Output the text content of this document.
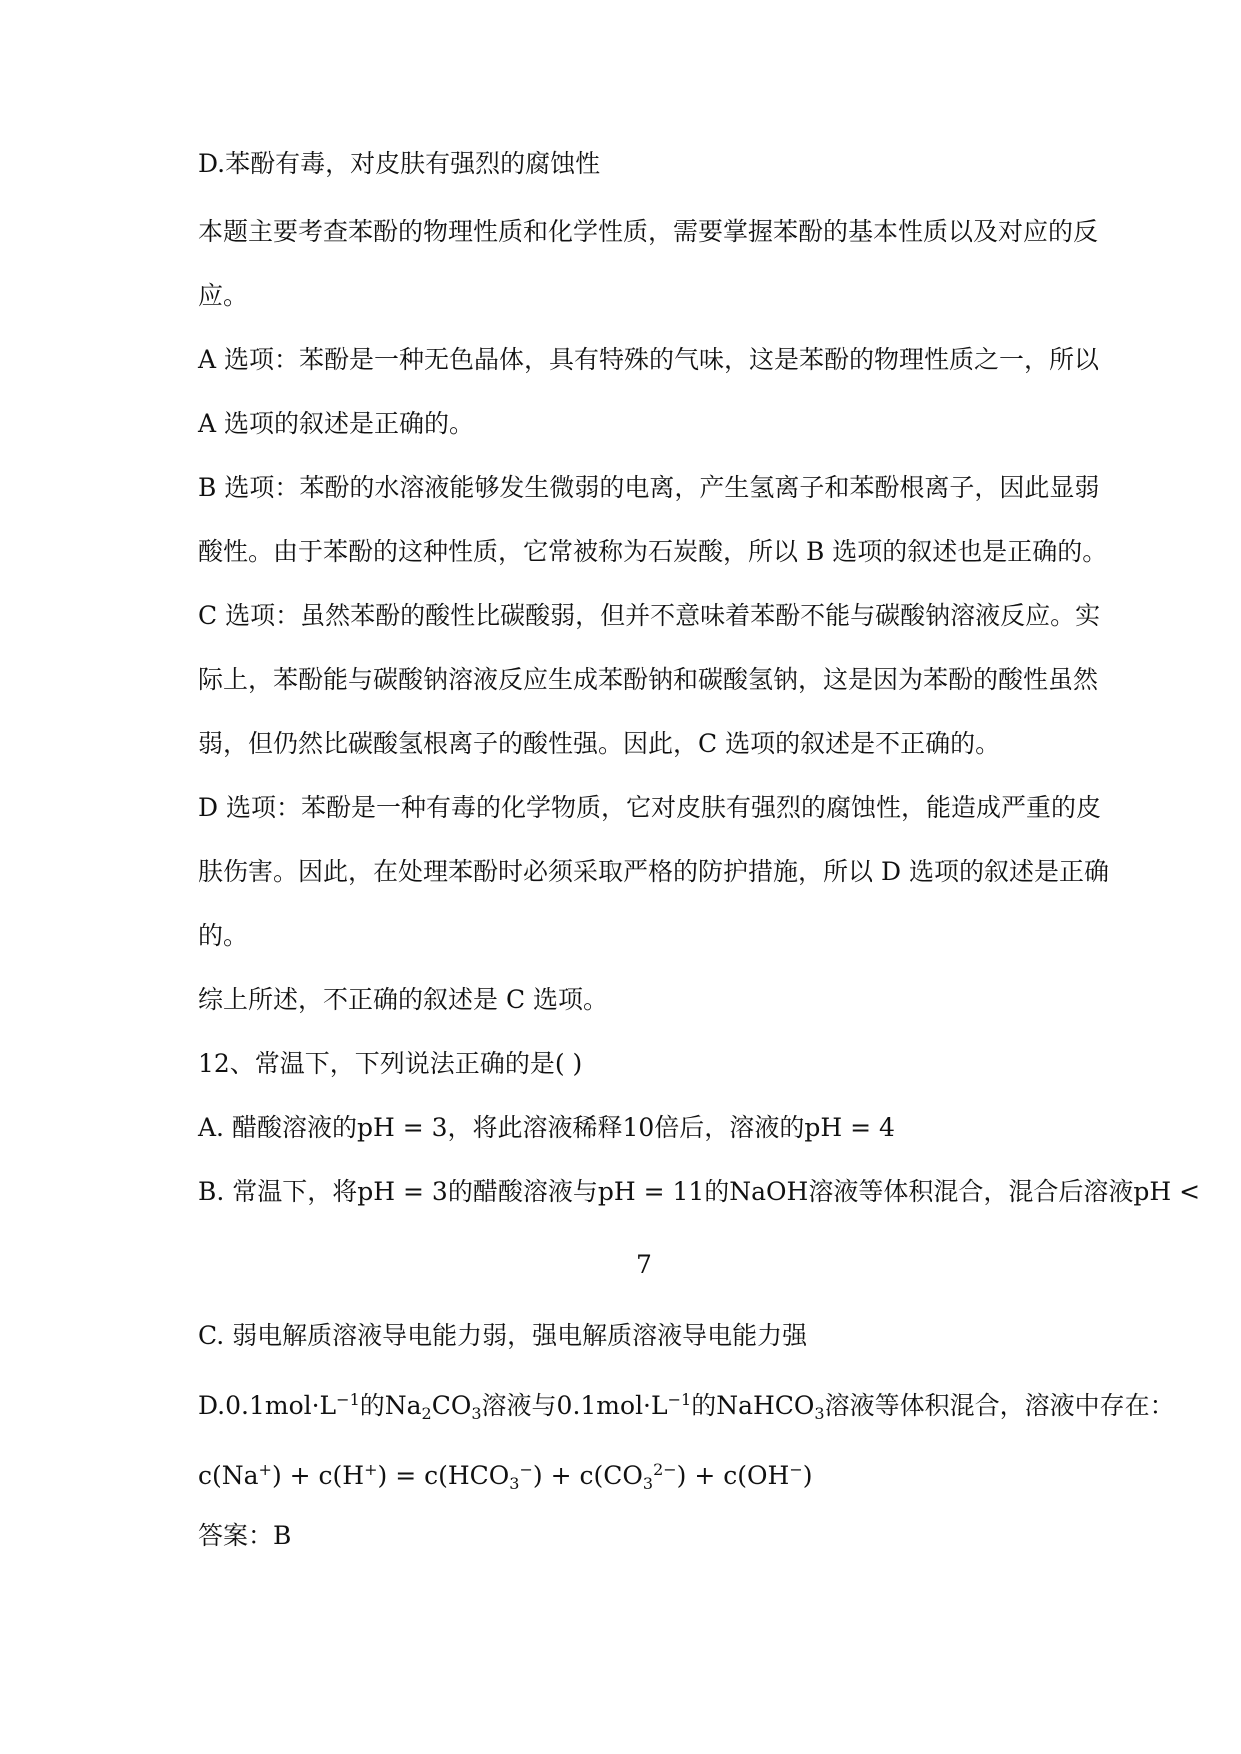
D.苯酚有毒，对皮肤有强烈的腐蚀性
本题主要考查苯酚的物理性质和化学性质，需要掌握苯酚的基本性质以及对应的反
应。
A 选项：苯酚是一种无色晶体，具有特殊的气味，这是苯酚的物理性质之一，所以
A 选项的叙述是正确的。
B 选项：苯酚的水溶液能够发生微弱的电离，产生氢离子和苯酚根离子，因此显弱
酸性。由于苯酚的这种性质，它常被称为石炭酸，所以 B 选项的叙述也是正确的。
C 选项：虽然苯酚的酸性比碳酸弱，但并不意味着苯酚不能与碳酸钠溶液反应。实
际上，苯酚能与碳酸钠溶液反应生成苯酚钠和碳酸氢钠，这是因为苯酚的酸性虽然
弱，但仍然比碳酸氢根离子的酸性强。因此，C 选项的叙述是不正确的。
D 选项：苯酚是一种有毒的化学物质，它对皮肤有强烈的腐蚀性，能造成严重的皮
肤伤害。因此，在处理苯酚时必须采取严格的防护措施，所以 D 选项的叙述是正确
的。
综上所述，不正确的叙述是 C 选项。
12、常温下，下列说法正确的是( )
A. 醋酸溶液的pH = 3，将此溶液稀释10倍后，溶液的pH = 4
B. 常温下，将pH = 3的醋酸溶液与pH = 11的NaOH溶液等体积混合，混合后溶液pH <
7
C. 弱电解质溶液导电能力弱，强电解质溶液导电能力强
$D.0.1mol\cdot L^{-1}$的$Na_2CO_3$溶液与$0.1mol\cdot L^{-1}$的NaHCO$_3$溶液等体积混合，溶液中存在：
$c(Na^+) + c(H^+) = c(HCO_3^-) + c(CO_3^{2-}) + c(OH^-)$
答案：B
